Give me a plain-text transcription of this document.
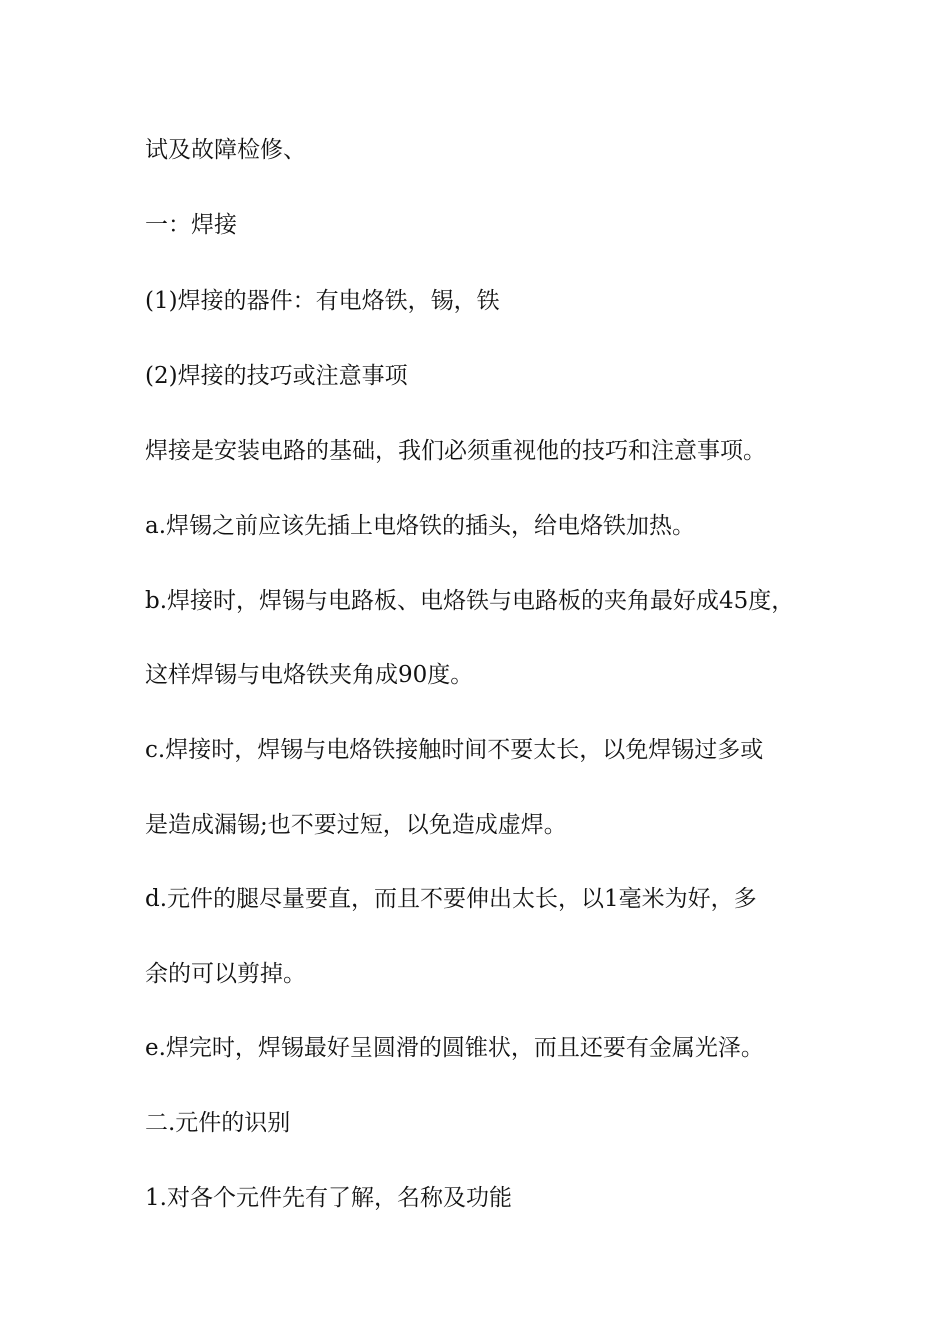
试及故障检修、

一：焊接

(1)焊接的器件：有电烙铁，锡，铁

(2)焊接的技巧或注意事项

焊接是安装电路的基础，我们必须重视他的技巧和注意事项。

a.焊锡之前应该先插上电烙铁的插头，给电烙铁加热。

b.焊接时，焊锡与电路板、电烙铁与电路板的夹角最好成45度，

这样焊锡与电烙铁夹角成90度。

c.焊接时，焊锡与电烙铁接触时间不要太长，以免焊锡过多或

是造成漏锡;也不要过短，以免造成虚焊。

d.元件的腿尽量要直，而且不要伸出太长，以1毫米为好，多

余的可以剪掉。

e.焊完时，焊锡最好呈圆滑的圆锥状，而且还要有金属光泽。

二.元件的识别

1.对各个元件先有了解，名称及功能
